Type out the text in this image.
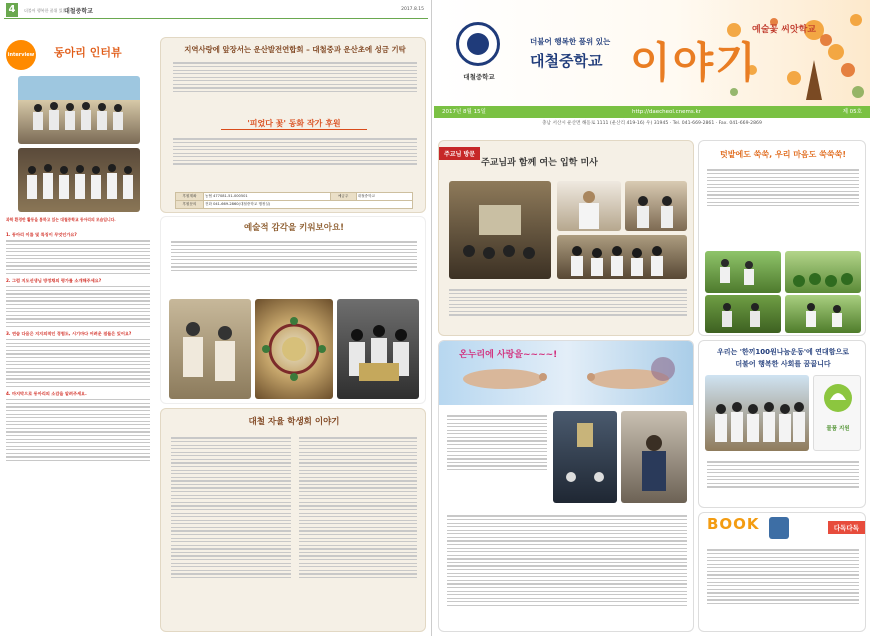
4	더불어 행복한 품위 있는
대철중학교	2017.8.15
interview 동아리 인터뷰
과학 환경반 활동을 통하고 있는 대철중학교 동아리의 모습입니다.
1. 동아리 이름 및 특징이 무엇인가요?
2. 그럼 지도선생님 방정채의 평가를 소개해주세요?
3. 연습 다음은 지지의적인 경험도, 시기마다 어려운 점들은 있어요?
4. 마지막으로 동아리의 소감을 알려주세요.
지역사랑에 앞장서는 운산발전연합회 – 대철중과 운산초에 성금 기탁
'피었다 꽃' 동화 작가 후원
후원계좌	농협 477081-51-000501	예금주	대철중학교
후원문의	전화 041-669-2860(대철중학교 행정실)		
예술적 감각을 키워보아요!
대철 자율 학생회 이야기
대철중학교
더불어 행복한 품위 있는
대철중학교 이야기
예술꽃 씨앗학교
2017년 8월 15일	http://daecheol.cnems.kr	제 05호
충남 서산시 운산면 해돋로 1111 (운산리 419-16) 우) 31945 · Tel. 041-669-2861 · Fax. 041-669-2869
주교님 방문
주교님과 함께 여는 입학 미사
텃밭에도 쑥쑥, 우리 마음도 쑥쑥쑥!
온누리에 사랑을~~~~!	우리는 '한끼100원나눔운동'에 연대함으로
더불어 행복한 사회를 꿈꿉니다
물품 지원
BOOK	다독다독
